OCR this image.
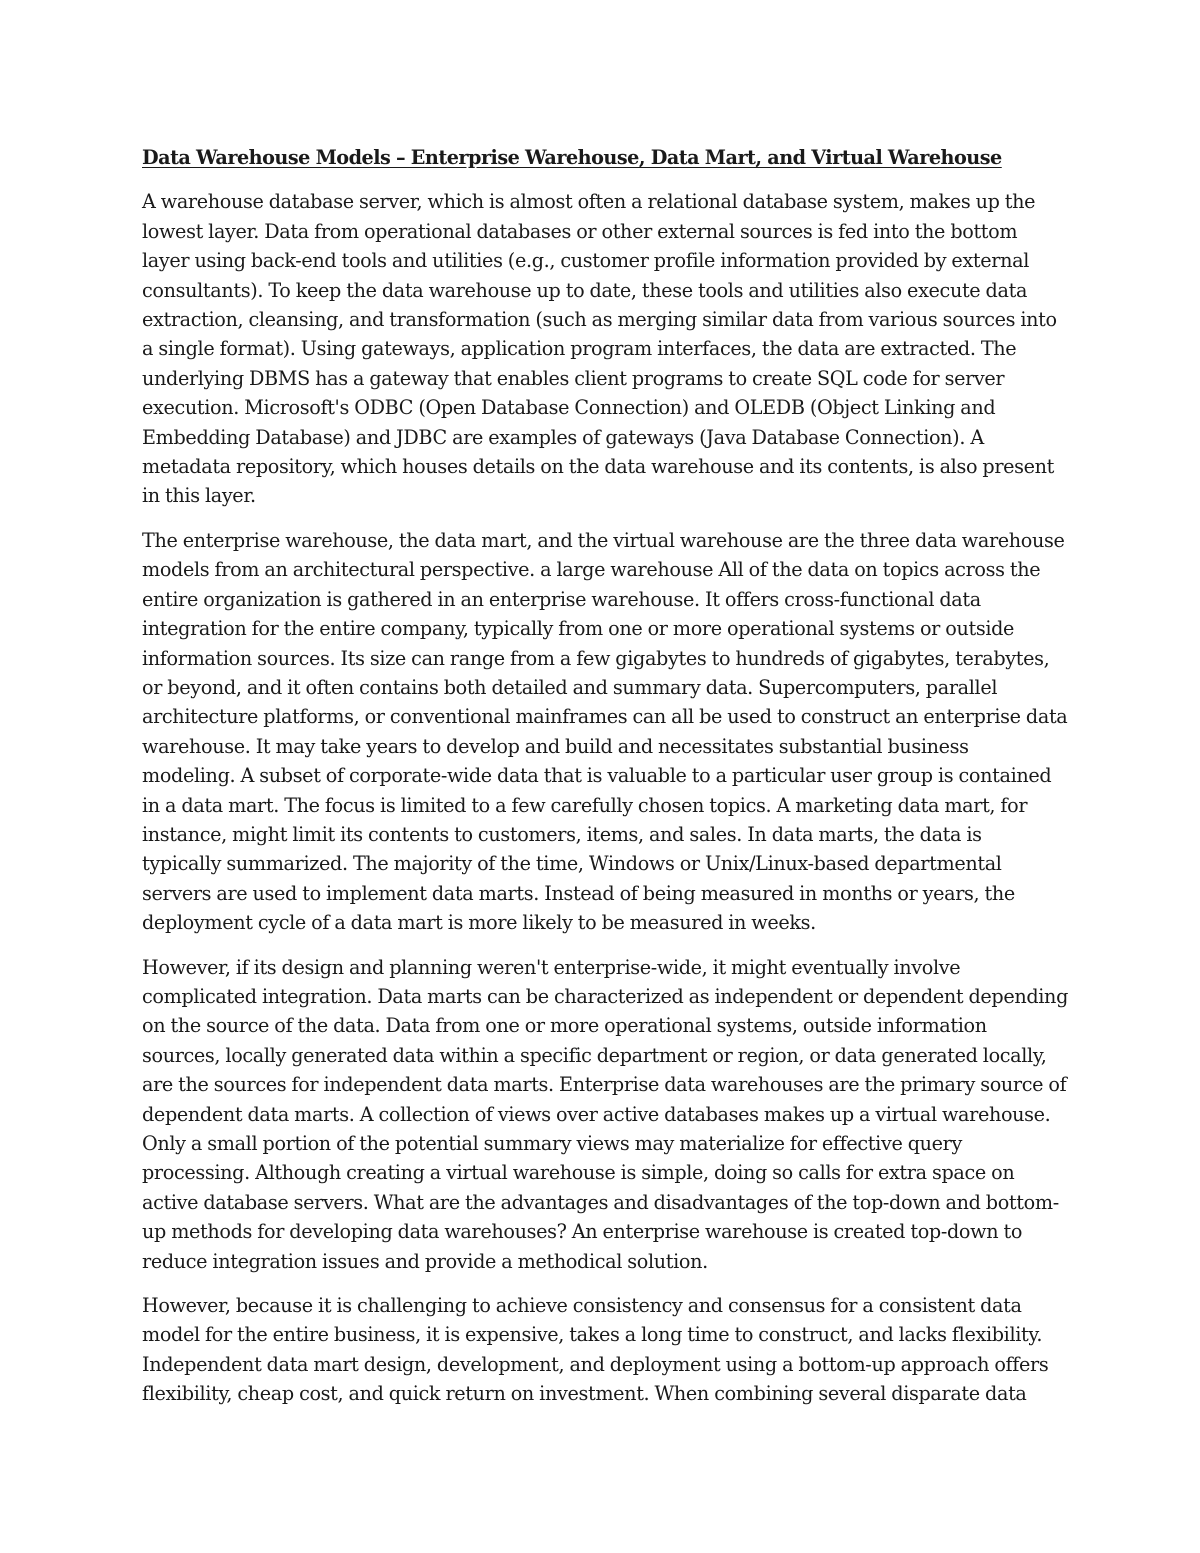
Data Warehouse Models – Enterprise Warehouse, Data Mart, and Virtual Warehouse
A warehouse database server, which is almost often a relational database system, makes up the
lowest layer. Data from operational databases or other external sources is fed into the bottom
layer using back-end tools and utilities (e.g., customer profile information provided by external
consultants). To keep the data warehouse up to date, these tools and utilities also execute data
extraction, cleansing, and transformation (such as merging similar data from various sources into
a single format). Using gateways, application program interfaces, the data are extracted. The
underlying DBMS has a gateway that enables client programs to create SQL code for server
execution. Microsoft's ODBC (Open Database Connection) and OLEDB (Object Linking and
Embedding Database) and JDBC are examples of gateways (Java Database Connection). A
metadata repository, which houses details on the data warehouse and its contents, is also present
in this layer.
The enterprise warehouse, the data mart, and the virtual warehouse are the three data warehouse
models from an architectural perspective. a large warehouse All of the data on topics across the
entire organization is gathered in an enterprise warehouse. It offers cross-functional data
integration for the entire company, typically from one or more operational systems or outside
information sources. Its size can range from a few gigabytes to hundreds of gigabytes, terabytes,
or beyond, and it often contains both detailed and summary data. Supercomputers, parallel
architecture platforms, or conventional mainframes can all be used to construct an enterprise data
warehouse. It may take years to develop and build and necessitates substantial business
modeling. A subset of corporate-wide data that is valuable to a particular user group is contained
in a data mart. The focus is limited to a few carefully chosen topics. A marketing data mart, for
instance, might limit its contents to customers, items, and sales. In data marts, the data is
typically summarized. The majority of the time, Windows or Unix/Linux-based departmental
servers are used to implement data marts. Instead of being measured in months or years, the
deployment cycle of a data mart is more likely to be measured in weeks.
However, if its design and planning weren't enterprise-wide, it might eventually involve
complicated integration. Data marts can be characterized as independent or dependent depending
on the source of the data. Data from one or more operational systems, outside information
sources, locally generated data within a specific department or region, or data generated locally,
are the sources for independent data marts. Enterprise data warehouses are the primary source of
dependent data marts. A collection of views over active databases makes up a virtual warehouse.
Only a small portion of the potential summary views may materialize for effective query
processing. Although creating a virtual warehouse is simple, doing so calls for extra space on
active database servers. What are the advantages and disadvantages of the top-down and bottom-
up methods for developing data warehouses? An enterprise warehouse is created top-down to
reduce integration issues and provide a methodical solution.
However, because it is challenging to achieve consistency and consensus for a consistent data
model for the entire business, it is expensive, takes a long time to construct, and lacks flexibility.
Independent data mart design, development, and deployment using a bottom-up approach offers
flexibility, cheap cost, and quick return on investment. When combining several disparate data
